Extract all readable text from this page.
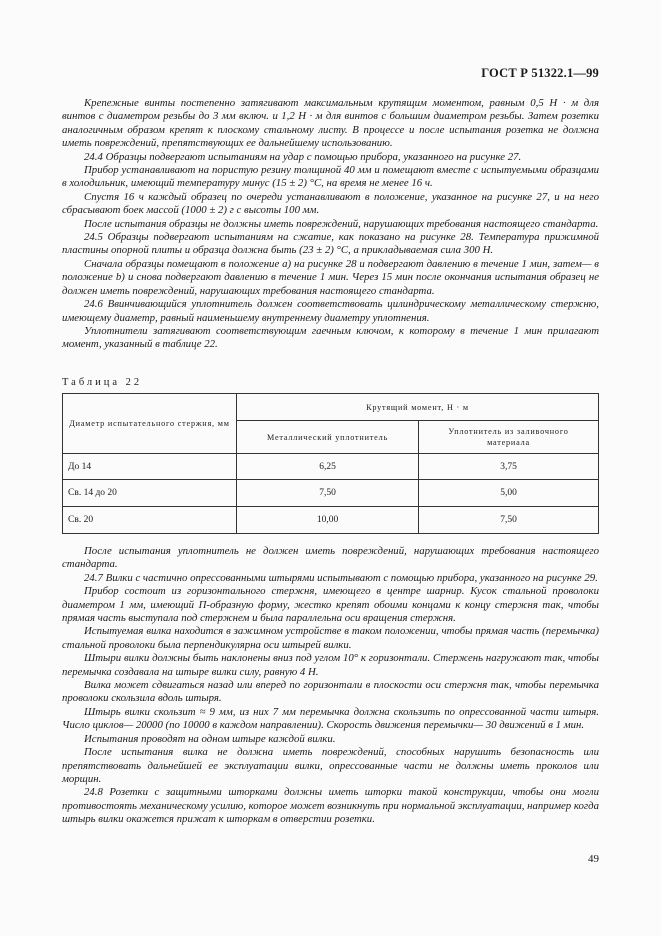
ГОСТ Р 51322.1—99

Крепежные винты постепенно затягивают максимальным крутящим моментом, равным 0,5 Н · м для винтов с диаметром резьбы до 3 мм включ. и 1,2 Н · м для винтов с большим диаметром резьбы. Затем розетки аналогичным образом крепят к плоскому стальному листу. В процессе и после испытания розетка не должна иметь повреждений, препятствующих ее дальнейшему использованию.

24.4 Образцы подвергают испытаниям на удар с помощью прибора, указанного на рисунке 27.

Прибор устанавливают на пористую резину толщиной 40 мм и помещают вместе с испытуемыми образцами в холодильник, имеющий температуру минус (15 ± 2) °С, на время не менее 16 ч.

Спустя 16 ч каждый образец по очереди устанавливают в положение, указанное на рисунке 27, и на него сбрасывают боек массой (1000 ± 2) г с высоты 100 мм.

После испытания образцы не должны иметь повреждений, нарушающих требования настоящего стандарта.

24.5 Образцы подвергают испытаниям на сжатие, как показано на рисунке 28. Температура прижимной пластины опорной плиты и образца должна быть (23 ± 2) °С, а прикладываемая сила 300 Н.

Сначала образцы помещают в положение а) на рисунке 28 и подвергают давлению в течение 1 мин, затем— в положение b) и снова подвергают давлению в течение 1 мин. Через 15 мин после окончания испытания образец не должен иметь повреждений, нарушающих требования настоящего стандарта.

24.6 Ввинчивающийся уплотнитель должен соответствовать цилиндрическому металлическому стержню, имеющему диаметр, равный наименьшему внутреннему диаметру уплотнения.

Уплотнители затягивают соответствующим гаечным ключом, к которому в течение 1 мин прилагают момент, указанный в таблице 22.

Таблица 22
Диаметр испытательного стержня, мм	Крутящий момент, Н · м	
	Металлический уплотнитель	Уплотнитель из заливочного материала
До 14	6,25	3,75
Св. 14 до 20	7,50	5,00
Св. 20	10,00	7,50

После испытания уплотнитель не должен иметь повреждений, нарушающих требования настоящего стандарта.

24.7 Вилки с частично опрессованными штырями испытывают с помощью прибора, указанного на рисунке 29.

Прибор состоит из горизонтального стержня, имеющего в центре шарнир. Кусок стальной проволоки диаметром 1 мм, имеющий П-образную форму, жестко крепят обоими концами к концу стержня так, чтобы прямая часть выступала под стержнем и была параллельна оси вращения стержня.

Испытуемая вилка находится в зажимном устройстве в таком положении, чтобы прямая часть (перемычка) стальной проволоки была перпендикулярна оси штырей вилки.

Штыри вилки должны быть наклонены вниз под углом 10° к горизонтали. Стержень нагружают так, чтобы перемычка создавала на штыре вилки силу, равную 4 Н.

Вилка может сдвигаться назад или вперед по горизонтали в плоскости оси стержня так, чтобы перемычка проволоки скользила вдоль штыря.

Штырь вилки скользит ≈ 9 мм, из них 7 мм перемычка должна скользить по опрессованной части штыря. Число циклов— 20000 (по 10000 в каждом направлении). Скорость движения перемычки— 30 движений в 1 мин.

Испытания проводят на одном штыре каждой вилки.

После испытания вилка не должна иметь повреждений, способных нарушить безопасность или препятствовать дальнейшей ее эксплуатации вилки, опрессованные части не должны иметь проколов или морщин.

24.8 Розетки с защитными шторками должны иметь шторки такой конструкции, чтобы они могли противостоять механическому усилию, которое может возникнуть при нормальной эксплуатации, например когда штырь вилки окажется прижат к шторкам в отверстии розетки.

49
